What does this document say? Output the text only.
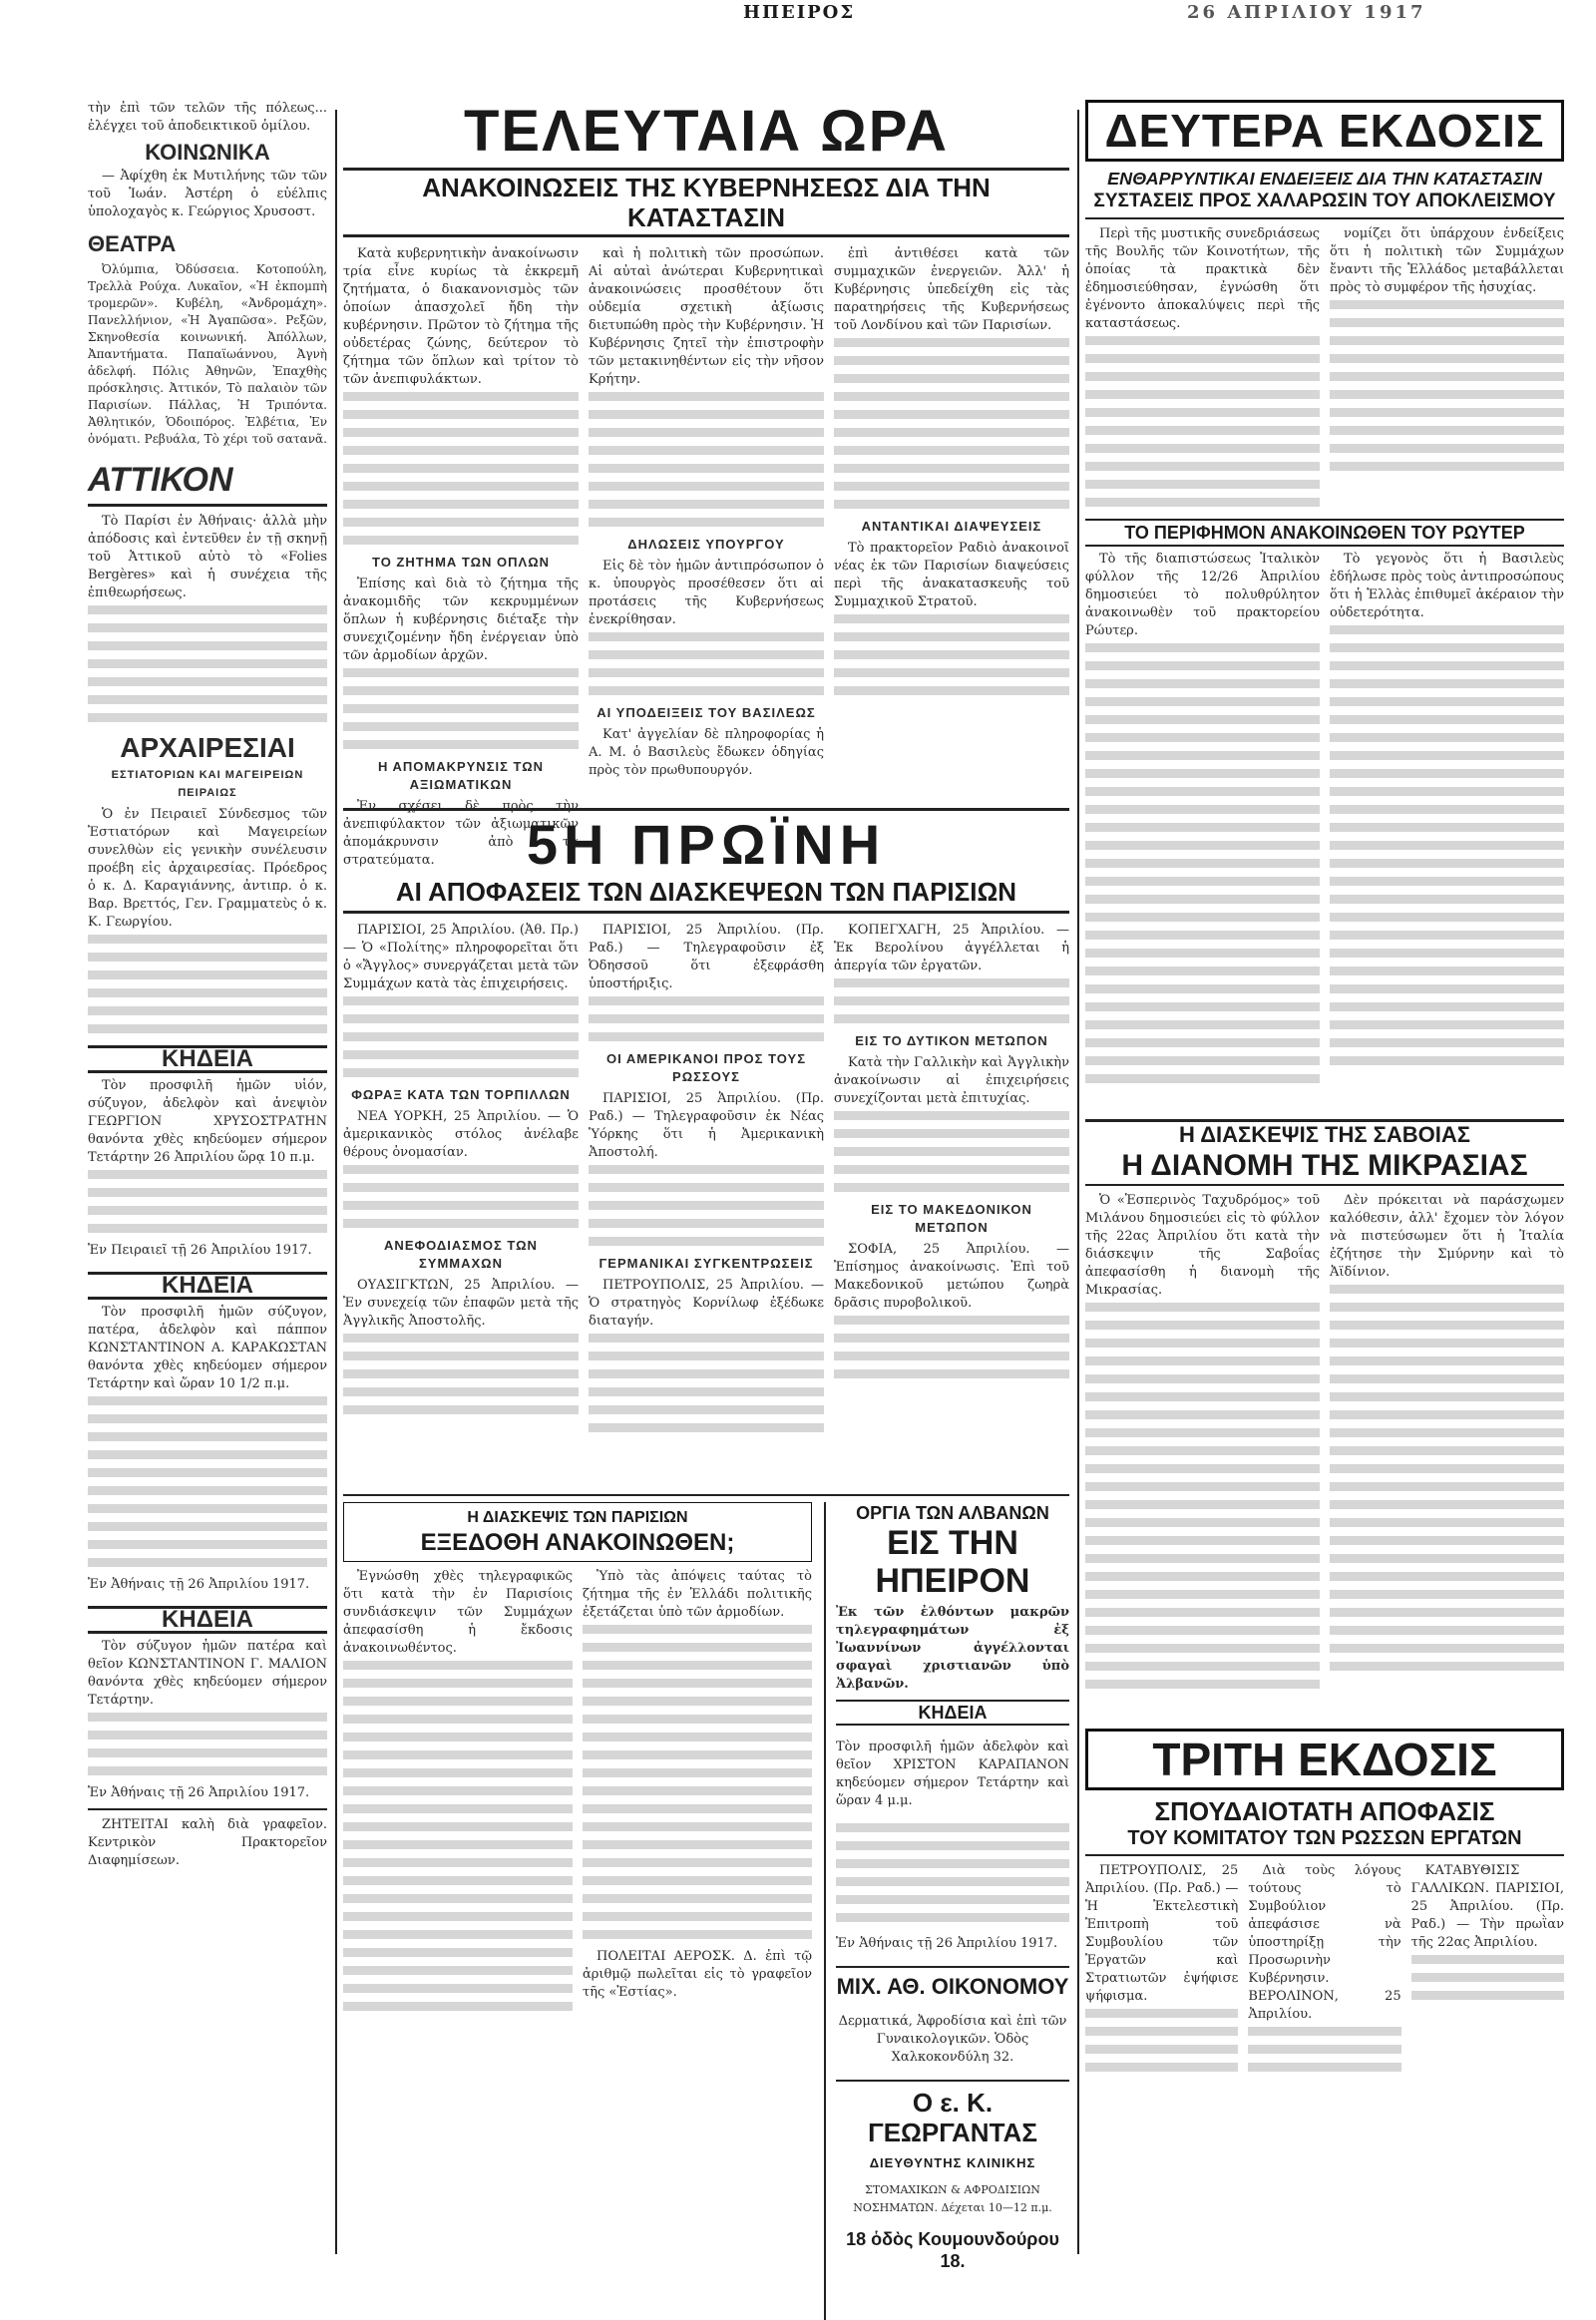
ΗΠΕΙΡΟΣ	26 ΑΠΡΙΛΙΟΥ 1917

τὴν ἐπὶ τῶν τελῶν τῆς πόλεως... ἐλέγχει τοῦ ἀποδεικτικοῦ ὁμίλου.

ΚΟΙΝΩΝΙΚΑ

— Ἀφίχθη ἐκ Μυτιλήνης τῶν τῶν τοῦ Ἰωάν. Ἀστέρη ὁ εὐέλπις ὑπολοχαγὸς κ. Γεώργιος Χρυσοστ.

ΘΕΑΤΡΑ

Ὀλύμπια, Ὀδύσσεια. Κοτοπούλη, Τρελλὰ Ρούχα. Λυκαῖον, «Ἡ ἐκπομπὴ τρομερῶν». Κυβέλη, «Ἀνδρομάχη». Πανελλήνιον, «Ἡ Ἀγαπῶσα». Ρεξῶν, Σκηνοθεσία κοινωνική. Ἀπόλλων, Ἀπαντήματα. Παπαϊωάννου, Ἀγνὴ ἀδελφή. Πόλις Ἀθηνῶν, Ἐπαχθὴς πρόσκλησις. Ἀττικόν, Τὸ παλαιὸν τῶν Παρισίων. Πάλλας, Ἡ Τριπόντα. Ἀθλητικόν, Ὁδοιπόρος. Ἐλβέτια, Ἐν ὀνόματι. Ρεβυάλα, Τὸ χέρι τοῦ σατανᾶ.

ΑΤΤΙΚΟΝ

Τὸ Παρίσι ἐν Ἀθήναις· ἀλλὰ μὴν ἀπόδοσις καὶ ἐντεῦθεν ἐν τῇ σκηνῇ τοῦ Ἀττικοῦ αὐτὸ τὸ «Folies Bergères» καὶ ἡ συνέχεια τῆς ἐπιθεωρήσεως.

ΑΡΧΑΙΡΕΣΙΑΙ
ΕΣΤΙΑΤΟΡΙΩΝ ΚΑΙ ΜΑΓΕΙΡΕΙΩΝ ΠΕΙΡΑΙΩΣ

Ὁ ἐν Πειραιεῖ Σύνδεσμος τῶν Ἐστιατόρων καὶ Μαγειρείων συνελθὼν εἰς γενικὴν συνέλευσιν προέβη εἰς ἀρχαιρεσίας. Πρόεδρος ὁ κ. Δ. Καραγιάννης, ἀντιπρ. ὁ κ. Βαρ. Βρεττός, Γεν. Γραμματεὺς ὁ κ. Κ. Γεωργίου.

ΚΗΔΕΙΑ

Τὸν προσφιλῆ ἡμῶν υἱόν, σύζυγον, ἀδελφὸν καὶ ἀνεψιὸν ΓΕΩΡΓΙΟΝ ΧΡΥΣΟΣΤΡΑΤΗΝ θανόντα χθὲς κηδεύομεν σήμερον Τετάρτην 26 Ἀπριλίου ὥρᾳ 10 π.μ.

Ἐν Πειραιεῖ τῇ 26 Ἀπριλίου 1917.

ΚΗΔΕΙΑ

Τὸν προσφιλῆ ἡμῶν σύζυγον, πατέρα, ἀδελφὸν καὶ πάππον ΚΩΝΣΤΑΝΤΙΝΟΝ Α. ΚΑΡΑΚΩΣΤΑΝ θανόντα χθὲς κηδεύομεν σήμερον Τετάρτην καὶ ὥραν 10 1/2 π.μ.

Ἐν Ἀθήναις τῇ 26 Ἀπριλίου 1917.

ΚΗΔΕΙΑ

Τὸν σύζυγον ἡμῶν πατέρα καὶ θεῖον ΚΩΝΣΤΑΝΤΙΝΟΝ Γ. ΜΑΛΙΟΝ θανόντα χθὲς κηδεύομεν σήμερον Τετάρτην.

Ἐν Ἀθήναις τῇ 26 Ἀπριλίου 1917.

ΖΗΤΕΙΤΑΙ καλὴ διὰ γραφεῖον. Κεντρικὸν Πρακτορεῖον Διαφημίσεων.

ΤΕΛΕΥΤΑΙΑ ΩΡΑ
ΑΝΑΚΟΙΝΩΣΕΙΣ ΤΗΣ ΚΥΒΕΡΝΗΣΕΩΣ ΔΙΑ ΤΗΝ ΚΑΤΑΣΤΑΣΙΝ

Κατὰ κυβερνητικὴν ἀνακοίνωσιν τρία εἶνε κυρίως τὰ ἐκκρεμῆ ζητήματα, ὁ διακανονισμὸς τῶν ὁποίων ἀπασχολεῖ ἤδη τὴν κυβέρνησιν. Πρῶτον τὸ ζήτημα τῆς οὐδετέρας ζώνης, δεύτερον τὸ ζήτημα τῶν ὅπλων καὶ τρίτον τὸ τῶν ἀνεπιφυλάκτων.

ΤΟ ΖΗΤΗΜΑ ΤΩΝ ΟΠΛΩΝ

Ἐπίσης καὶ διὰ τὸ ζήτημα τῆς ἀνακομιδῆς τῶν κεκρυμμένων ὅπλων ἡ κυβέρνησις διέταξε τὴν συνεχιζομένην ἤδη ἐνέργειαν ὑπὸ τῶν ἀρμοδίων ἀρχῶν.

Η ΑΠΟΜΑΚΡΥΝΣΙΣ ΤΩΝ ΑΞΙΩΜΑΤΙΚΩΝ

Ἐν σχέσει δὲ πρὸς τὴν ἀνεπιφύλακτον τῶν ἀξιωματικῶν ἀπομάκρυνσιν ἀπὸ τὰ στρατεύματα.

καὶ ἡ πολιτικὴ τῶν προσώπων. Αἱ αὐταὶ ἀνώτεραι Κυβερνητικαὶ ἀνακοινώσεις προσθέτουν ὅτι οὐδεμία σχετικὴ ἀξίωσις διετυπώθη πρὸς τὴν Κυβέρνησιν. Ἡ Κυβέρνησις ζητεῖ τὴν ἐπιστροφὴν τῶν μετακινηθέντων εἰς τὴν νῆσον Κρήτην.

ΔΗΛΩΣΕΙΣ ΥΠΟΥΡΓΟΥ

Εἰς δὲ τὸν ἡμῶν ἀντιπρόσωπον ὁ κ. ὑπουργὸς προσέθεσεν ὅτι αἱ προτάσεις τῆς Κυβερνήσεως ἐνεκρίθησαν.

ΑΙ ΥΠΟΔΕΙΞΕΙΣ ΤΟΥ ΒΑΣΙΛΕΩΣ

Κατ' ἀγγελίαν δὲ πληροφορίας ἡ Α. Μ. ὁ Βασιλεὺς ἔδωκεν ὁδηγίας πρὸς τὸν πρωθυπουργόν.

ἐπὶ ἀντιθέσει κατὰ τῶν συμμαχικῶν ἐνεργειῶν. Ἀλλ' ἡ Κυβέρνησις ὑπεδείχθη εἰς τὰς παρατηρήσεις τῆς Κυβερνήσεως τοῦ Λονδίνου καὶ τῶν Παρισίων.

ΑΝΤΑΝΤΙΚΑΙ ΔΙΑΨΕΥΣΕΙΣ

Τὸ πρακτορεῖον Ραδιὸ ἀνακοινοῖ νέας ἐκ τῶν Παρισίων διαψεύσεις περὶ τῆς ἀνακατασκευῆς τοῦ Συμμαχικοῦ Στρατοῦ.

5Η ΠΡΩΪΝΗ
ΑΙ ΑΠΟΦΑΣΕΙΣ ΤΩΝ ΔΙΑΣΚΕΨΕΩΝ ΤΩΝ ΠΑΡΙΣΙΩΝ

ΠΑΡΙΣΙΟΙ, 25 Ἀπριλίου. (Ἀθ. Πρ.) — Ὁ «Πολίτης» πληροφορεῖται ὅτι ὁ «Ἄγγλος» συνεργάζεται μετὰ τῶν Συμμάχων κατὰ τὰς ἐπιχειρήσεις.

ΦΩΡΑΞ ΚΑΤΑ ΤΩΝ ΤΟΡΠΙΛΛΩΝ

ΝΕΑ ΥΟΡΚΗ, 25 Ἀπριλίου. — Ὁ ἀμερικανικὸς στόλος ἀνέλαβε θέρους ὀνομασίαν.

ΑΝΕΦΟΔΙΑΣΜΟΣ ΤΩΝ ΣΥΜΜΑΧΩΝ

ΟΥΑΣΙΓΚΤΩΝ, 25 Ἀπριλίου. — Ἐν συνεχείᾳ τῶν ἐπαφῶν μετὰ τῆς Ἀγγλικῆς Ἀποστολῆς.

ΠΑΡΙΣΙΟΙ, 25 Ἀπριλίου. (Πρ. Ραδ.) — Τηλεγραφοῦσιν ἐξ Ὀδησσοῦ ὅτι ἐξεφράσθη ὑποστήριξις.

ΟΙ ΑΜΕΡΙΚΑΝΟΙ ΠΡΟΣ ΤΟΥΣ ΡΩΣΣΟΥΣ

ΠΑΡΙΣΙΟΙ, 25 Ἀπριλίου. (Πρ. Ραδ.) — Τηλεγραφοῦσιν ἐκ Νέας Ὑόρκης ὅτι ἡ Ἀμερικανικὴ Ἀποστολή.

ΓΕΡΜΑΝΙΚΑΙ ΣΥΓΚΕΝΤΡΩΣΕΙΣ

ΠΕΤΡΟΥΠΟΛΙΣ, 25 Ἀπριλίου. — Ὁ στρατηγὸς Κορνίλωφ ἐξέδωκε διαταγήν.

ΚΟΠΕΓΧΑΓΗ, 25 Ἀπριλίου. — Ἐκ Βερολίνου ἀγγέλλεται ἡ ἀπεργία τῶν ἐργατῶν.

ΕΙΣ ΤΟ ΔΥΤΙΚΟΝ ΜΕΤΩΠΟΝ

Κατὰ τὴν Γαλλικὴν καὶ Ἀγγλικὴν ἀνακοίνωσιν αἱ ἐπιχειρήσεις συνεχίζονται μετὰ ἐπιτυχίας.

ΕΙΣ ΤΟ ΜΑΚΕΔΟΝΙΚΟΝ ΜΕΤΩΠΟΝ

ΣΟΦΙΑ, 25 Ἀπριλίου. — Ἐπίσημος ἀνακοίνωσις. Ἐπὶ τοῦ Μακεδονικοῦ μετώπου ζωηρὰ δρᾶσις πυροβολικοῦ.

Η ΔΙΑΣΚΕΨΙΣ ΤΩΝ ΠΑΡΙΣΙΩΝ
ΕΞΕΔΟΘΗ ΑΝΑΚΟΙΝΩΘΕΝ;

Ἐγνώσθη χθὲς τηλεγραφικῶς ὅτι κατὰ τὴν ἐν Παρισίοις συνδιάσκεψιν τῶν Συμμάχων ἀπεφασίσθη ἡ ἔκδοσις ἀνακοινωθέντος.

Ὑπὸ τὰς ἀπόψεις ταύτας τὸ ζήτημα τῆς ἐν Ἑλλάδι πολιτικῆς ἐξετάζεται ὑπὸ τῶν ἀρμοδίων.

ΠΟΛΕΙΤΑΙ ΑΕΡΟΣΚ. Δ. ἐπὶ τῷ ἀριθμῷ πωλεῖται εἰς τὸ γραφεῖον τῆς «Ἐστίας».

ΟΡΓΙΑ ΤΩΝ ΑΛΒΑΝΩΝ
ΕΙΣ ΤΗΝ ΗΠΕΙΡΟΝ

Ἐκ τῶν ἐλθόντων μακρῶν τηλεγραφημάτων ἐξ Ἰωαννίνων ἀγγέλλονται σφαγαὶ χριστιανῶν ὑπὸ Ἀλβανῶν.

ΚΗΔΕΙΑ

Τὸν προσφιλῆ ἡμῶν ἀδελφὸν καὶ θεῖον ΧΡΙΣΤΟΝ ΚΑΡΑΠΑΝΟΝ κηδεύομεν σήμερον Τετάρτην καὶ ὥραν 4 μ.μ.

Ἐν Ἀθήναις τῇ 26 Ἀπριλίου 1917.

ΜΙΧ. ΑΘ. ΟΙΚΟΝΟΜΟΥ

Δερματικά, Ἀφροδίσια καὶ ἐπὶ τῶν Γυναικολογικῶν. Ὁδὸς Χαλκοκονδύλη 32.

Ο ε. Κ. ΓΕΩΡΓΑΝΤΑΣ
ΔΙΕΥΘΥΝΤΗΣ ΚΛΙΝΙΚΗΣ

ΣΤΟΜΑΧΙΚΩΝ & ΑΦΡΟΔΙΣΙΩΝ ΝΟΣΗΜΑΤΩΝ. Δέχεται 10—12 π.μ.

18 ὁδὸς Κουμουνδούρου 18.
ΔΕΥΤΕΡΑ ΕΚΔΟΣΙΣ
ΕΝΘΑΡΡΥΝΤΙΚΑΙ ΕΝΔΕΙΞΕΙΣ ΔΙΑ ΤΗΝ ΚΑΤΑΣΤΑΣΙΝ
ΣΥΣΤΑΣΕΙΣ ΠΡΟΣ ΧΑΛΑΡΩΣΙΝ ΤΟΥ ΑΠΟΚΛΕΙΣΜΟΥ

Περὶ τῆς μυστικῆς συνεδριάσεως τῆς Βουλῆς τῶν Κοινοτήτων, τῆς ὁποίας τὰ πρακτικὰ δὲν ἐδημοσιεύθησαν, ἐγνώσθη ὅτι ἐγένοντο ἀποκαλύψεις περὶ τῆς καταστάσεως.

νομίζει ὅτι ὑπάρχουν ἐνδείξεις ὅτι ἡ πολιτικὴ τῶν Συμμάχων ἔναντι τῆς Ἑλλάδος μεταβάλλεται πρὸς τὸ συμφέρον τῆς ἡσυχίας.

ΤΟ ΠΕΡΙΦΗΜΟΝ ΑΝΑΚΟΙΝΩΘΕΝ ΤΟΥ ΡΩΥΤΕΡ

Τὸ τῆς διαπιστώσεως Ἰταλικὸν φύλλον τῆς 12/26 Ἀπριλίου δημοσιεύει τὸ πολυθρύλητον ἀνακοινωθὲν τοῦ πρακτορείου Ρώυτερ.

Τὸ γεγονὸς ὅτι ἡ Βασιλεὺς ἐδήλωσε πρὸς τοὺς ἀντιπροσώπους ὅτι ἡ Ἑλλὰς ἐπιθυμεῖ ἀκέραιον τὴν οὐδετερότητα.

Η ΔΙΑΣΚΕΨΙΣ ΤΗΣ ΣΑΒΟΙΑΣ
Η ΔΙΑΝΟΜΗ ΤΗΣ ΜΙΚΡΑΣΙΑΣ

Ὁ «Ἑσπερινὸς Ταχυδρόμος» τοῦ Μιλάνου δημοσιεύει εἰς τὸ φύλλον τῆς 22ας Ἀπριλίου ὅτι κατὰ τὴν διάσκεψιν τῆς Σαβοΐας ἀπεφασίσθη ἡ διανομὴ τῆς Μικρασίας.

Δὲν πρόκειται νὰ παράσχωμεν καλόθεσιν, ἀλλ' ἔχομεν τὸν λόγον νὰ πιστεύσωμεν ὅτι ἡ Ἰταλία ἐζήτησε τὴν Σμύρνην καὶ τὸ Ἀϊδίνιον.

ΤΡΙΤΗ ΕΚΔΟΣΙΣ
ΣΠΟΥΔΑΙΟΤΑΤΗ ΑΠΟΦΑΣΙΣ
ΤΟΥ ΚΟΜΙΤΑΤΟΥ ΤΩΝ ΡΩΣΣΩΝ ΕΡΓΑΤΩΝ

ΠΕΤΡΟΥΠΟΛΙΣ, 25 Ἀπριλίου. (Πρ. Ραδ.) — Ἡ Ἐκτελεστικὴ Ἐπιτροπὴ τοῦ Συμβουλίου τῶν Ἐργατῶν καὶ Στρατιωτῶν ἐψήφισε ψήφισμα.

Διὰ τοὺς λόγους τούτους τὸ Συμβούλιον ἀπεφάσισε νὰ ὑποστηρίξῃ τὴν Προσωρινὴν Κυβέρνησιν. ΒΕΡΟΛΙΝΟΝ, 25 Ἀπριλίου.

ΚΑΤΑΒΥΘΙΣΙΣ ΓΑΛΛΙΚΩΝ. ΠΑΡΙΣΙΟΙ, 25 Ἀπριλίου. (Πρ. Ραδ.) — Τὴν πρωῒαν τῆς 22ας Ἀπριλίου.
